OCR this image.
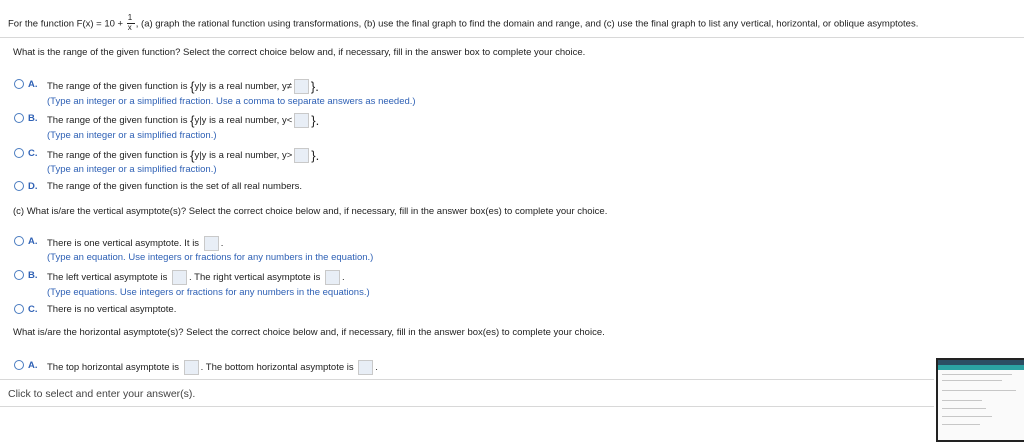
For the function $F(x) = 10 + \frac{1}{x}$ , (a) graph the rational function using transformations, (b) use the final graph to find the domain and range, and (c) use the final graph to list any vertical, horizontal, or oblique asymptotes.
What is the range of the given function? Select the correct choice below and, if necessary, fill in the answer box to complete your choice.
A. The range of the given function is {y|y is a real number, y≠ }.
(Type an integer or a simplified fraction. Use a comma to separate answers as needed.)
B. The range of the given function is {y|y is a real number, y< }.
(Type an integer or a simplified fraction.)
C. The range of the given function is {y|y is a real number, y> }.
(Type an integer or a simplified fraction.)
D. The range of the given function is the set of all real numbers.
(c) What is/are the vertical asymptote(s)? Select the correct choice below and, if necessary, fill in the answer box(es) to complete your choice.
A. There is one vertical asymptote. It is .
(Type an equation. Use integers or fractions for any numbers in the equation.)
B. The left vertical asymptote is . The right vertical asymptote is .
(Type equations. Use integers or fractions for any numbers in the equations.)
C. There is no vertical asymptote.
What is/are the horizontal asymptote(s)? Select the correct choice below and, if necessary, fill in the answer box(es) to complete your choice.
A. The top horizontal asymptote is . The bottom horizontal asymptote is .
Click to select and enter your answer(s).
